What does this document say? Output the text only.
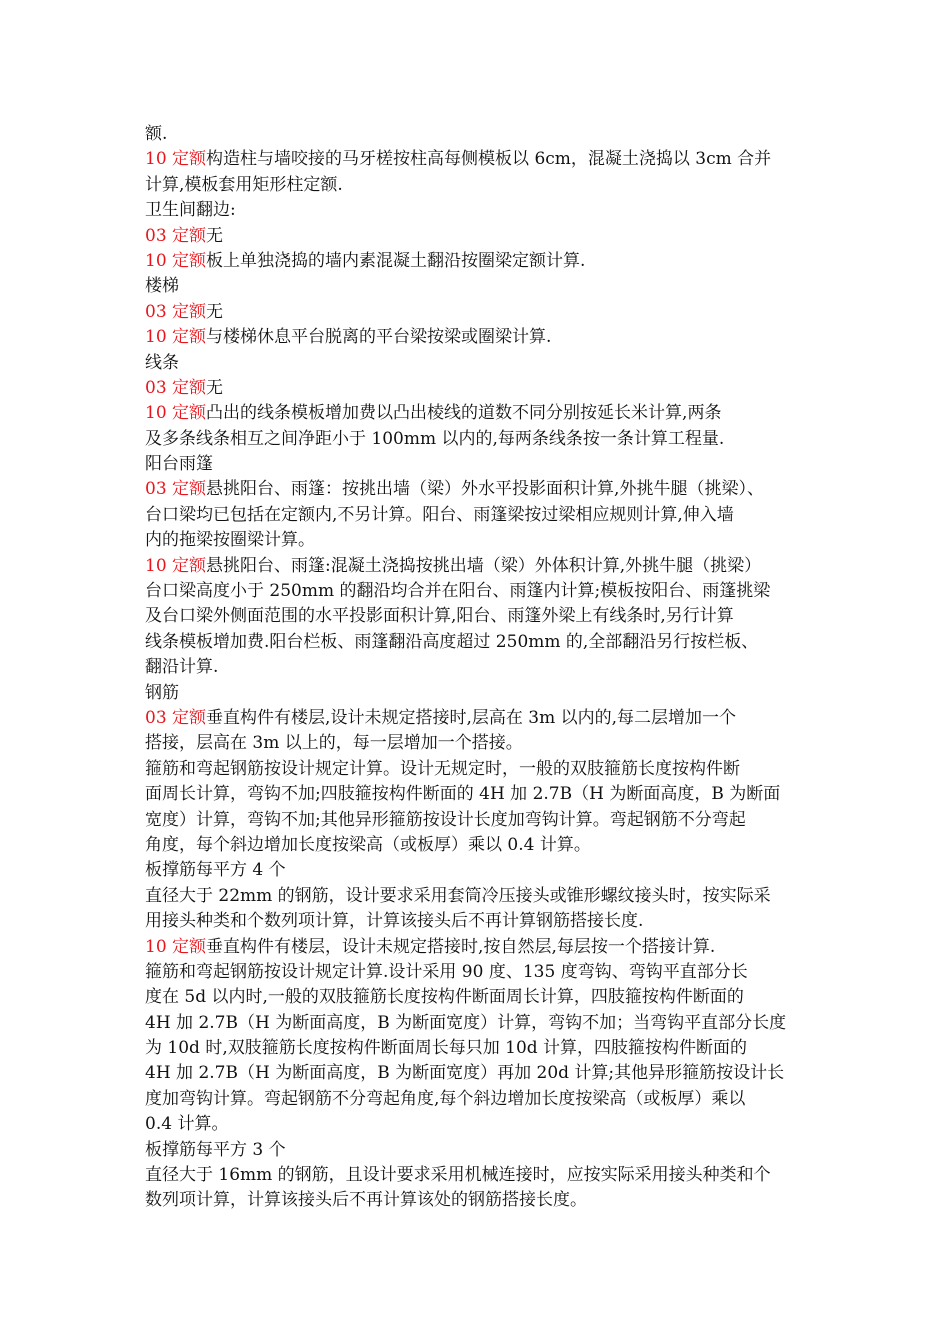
额.
10 定额构造柱与墙咬接的马牙槎按柱高每侧模板以 6cm，混凝土浇捣以 3cm 合并
计算,模板套用矩形柱定额.
卫生间翻边:
03 定额无
10 定额板上单独浇捣的墙内素混凝土翻沿按圈梁定额计算.
楼梯
03 定额无
10 定额与楼梯休息平台脱离的平台梁按梁或圈梁计算.
线条
03 定额无
10 定额凸出的线条模板增加费以凸出棱线的道数不同分别按延长米计算,两条
及多条线条相互之间净距小于 100mm 以内的,每两条线条按一条计算工程量.
阳台雨篷
03 定额悬挑阳台、雨篷：按挑出墙（梁）外水平投影面积计算,外挑牛腿（挑梁）、
台口梁均已包括在定额内,不另计算。阳台、雨篷梁按过梁相应规则计算,伸入墙
内的拖梁按圈梁计算。
10 定额悬挑阳台、雨篷:混凝土浇捣按挑出墙（梁）外体积计算,外挑牛腿（挑梁）
台口梁高度小于 250mm 的翻沿均合并在阳台、雨篷内计算;模板按阳台、雨篷挑梁
及台口梁外侧面范围的水平投影面积计算,阳台、雨篷外梁上有线条时,另行计算
线条模板增加费.阳台栏板、雨篷翻沿高度超过 250mm 的,全部翻沿另行按栏板、
翻沿计算.
钢筋
03 定额垂直构件有楼层,设计未规定搭接时,层高在 3m 以内的,每二层增加一个
搭接，层高在 3m 以上的，每一层增加一个搭接。
箍筋和弯起钢筋按设计规定计算。设计无规定时，一般的双肢箍筋长度按构件断
面周长计算，弯钩不加;四肢箍按构件断面的 4H 加 2.7B（H 为断面高度，B 为断面
宽度）计算，弯钩不加;其他异形箍筋按设计长度加弯钩计算。弯起钢筋不分弯起
角度，每个斜边增加长度按梁高（或板厚）乘以 0.4 计算。
板撑筋每平方 4 个
直径大于 22mm 的钢筋，设计要求采用套筒冷压接头或锥形螺纹接头时，按实际采
用接头种类和个数列项计算，计算该接头后不再计算钢筋搭接长度.
10 定额垂直构件有楼层，设计未规定搭接时,按自然层,每层按一个搭接计算.
箍筋和弯起钢筋按设计规定计算.设计采用 90 度、135 度弯钩、弯钩平直部分长
度在 5d 以内时,一般的双肢箍筋长度按构件断面周长计算，四肢箍按构件断面的
4H 加 2.7B（H 为断面高度，B 为断面宽度）计算，弯钩不加；当弯钩平直部分长度
为 10d 时,双肢箍筋长度按构件断面周长每只加 10d 计算，四肢箍按构件断面的
4H 加 2.7B（H 为断面高度，B 为断面宽度）再加 20d 计算;其他异形箍筋按设计长
度加弯钩计算。弯起钢筋不分弯起角度,每个斜边增加长度按梁高（或板厚）乘以
0.4 计算。
板撑筋每平方 3 个
直径大于 16mm 的钢筋，且设计要求采用机械连接时，应按实际采用接头种类和个
数列项计算，计算该接头后不再计算该处的钢筋搭接长度。
